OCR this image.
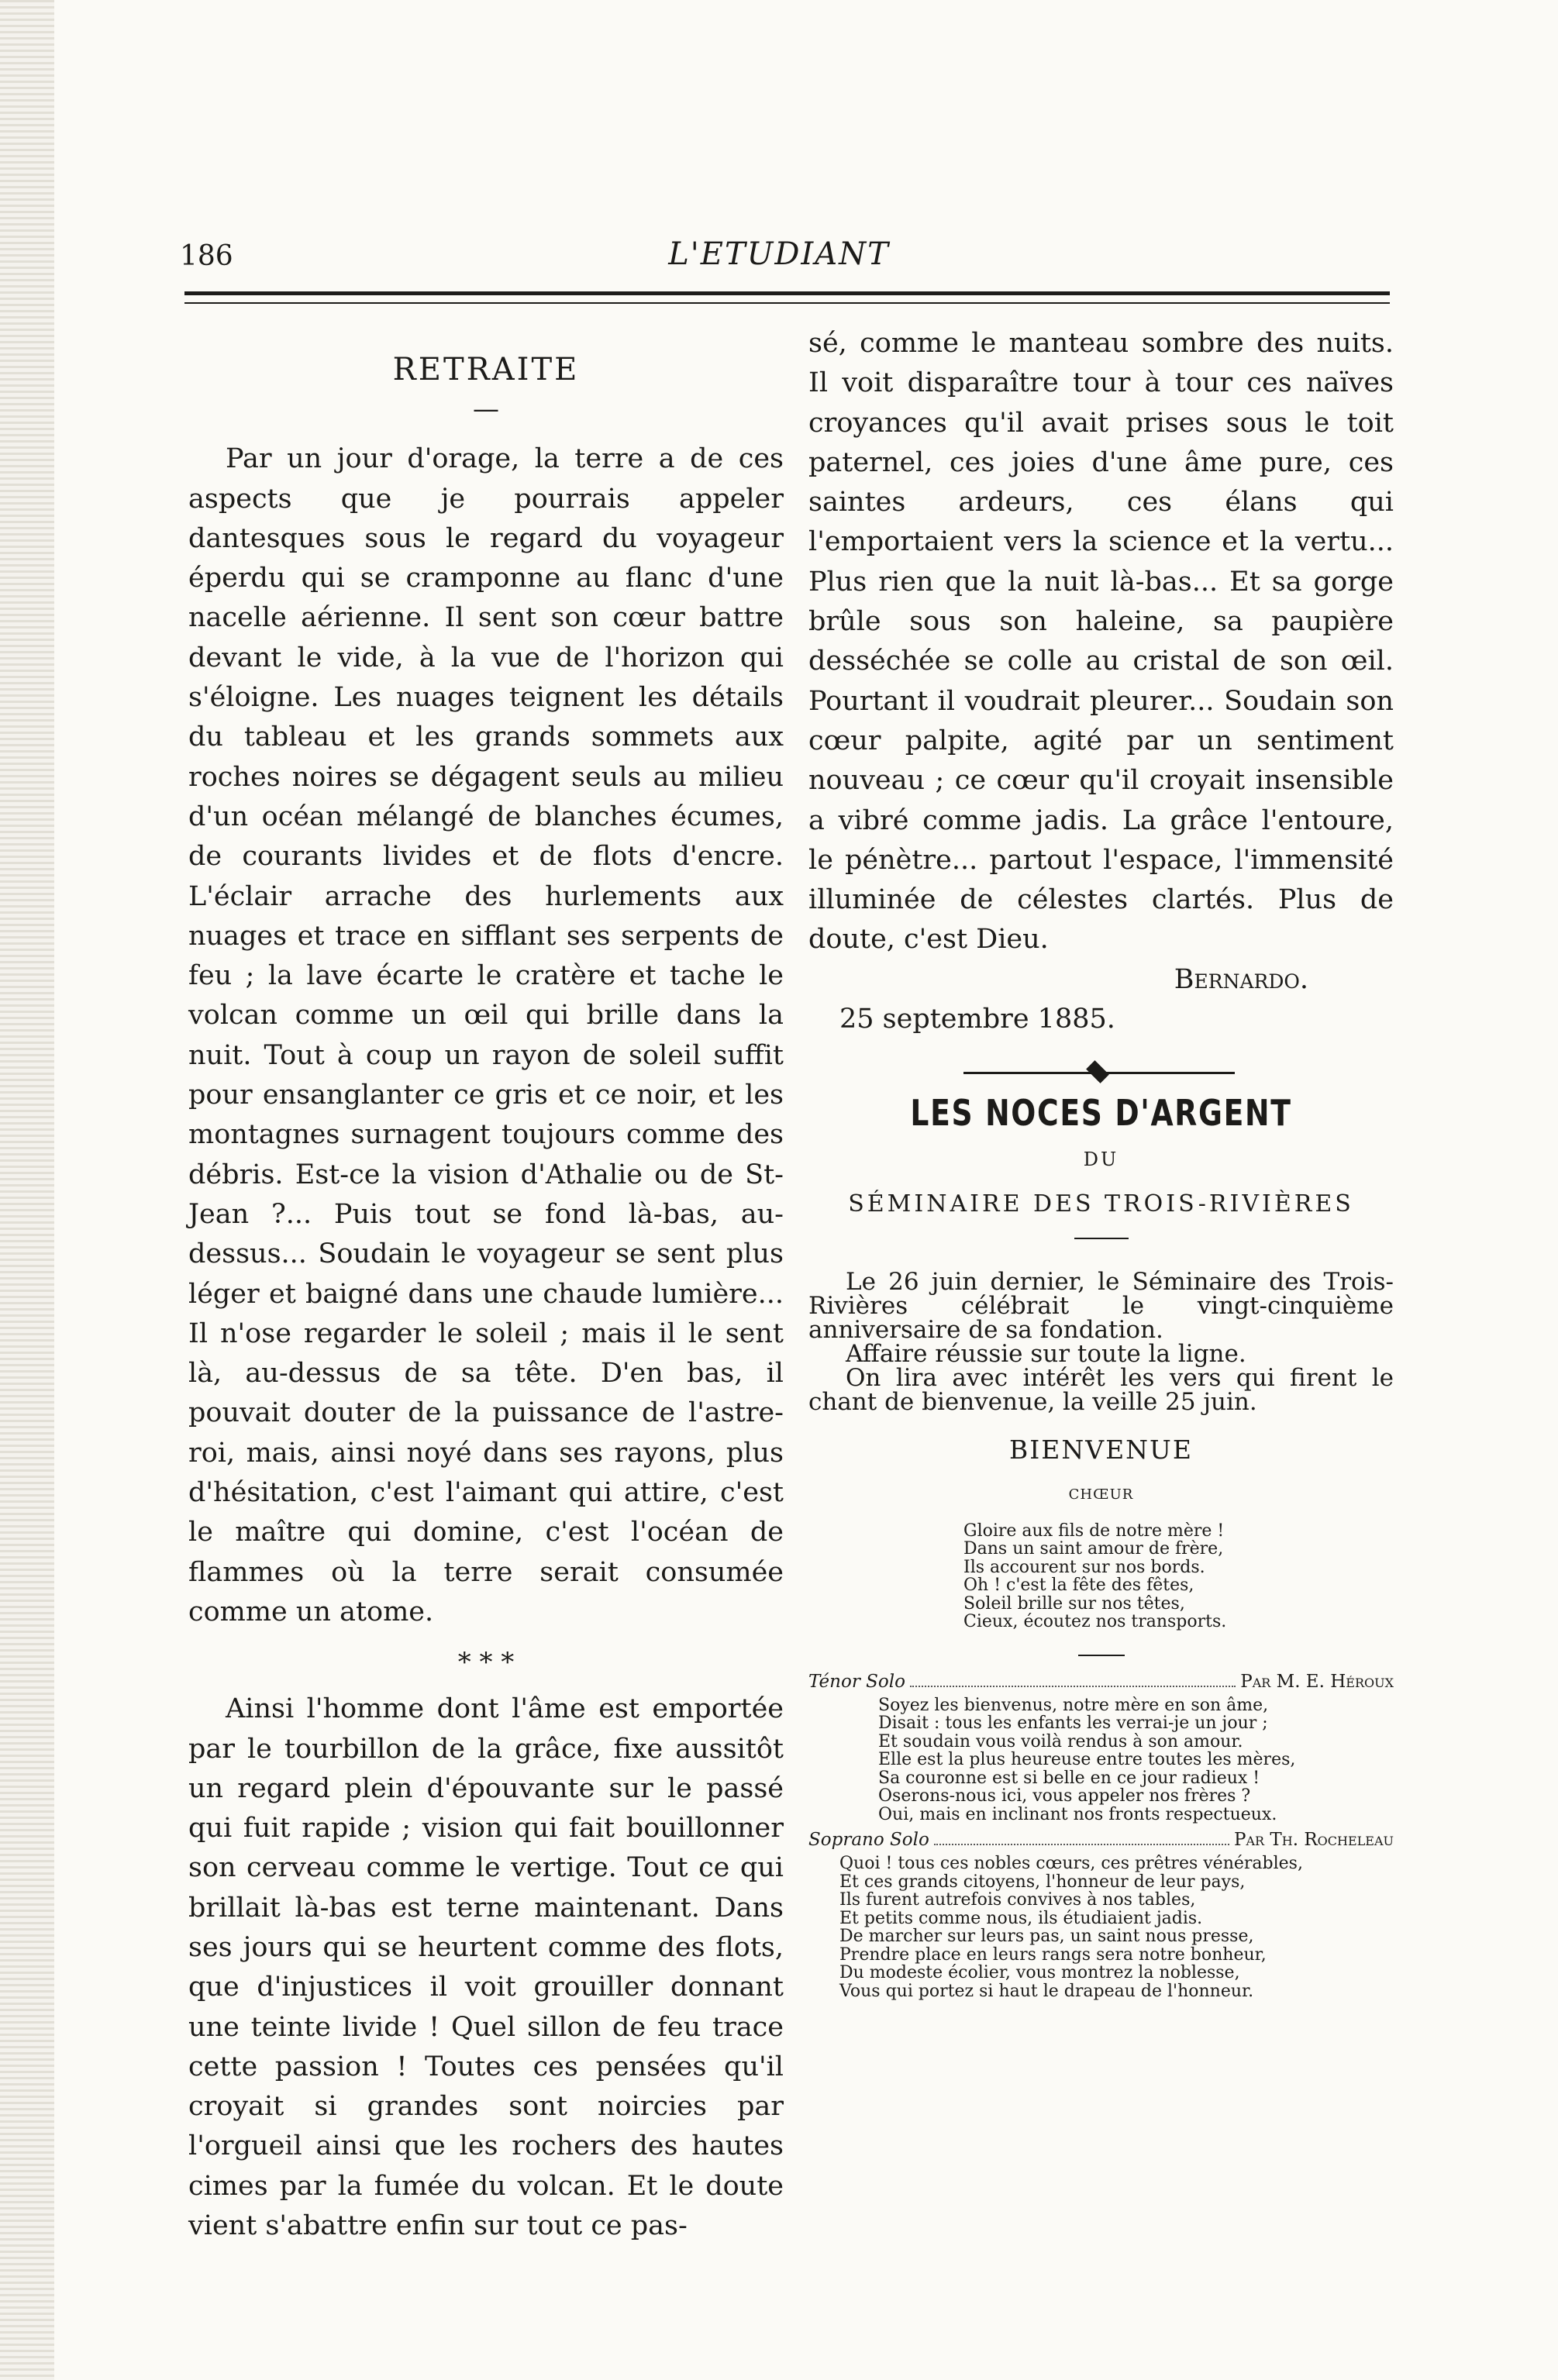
186	L'ETUDIANT
RETRAITE
—

Par un jour d'orage, la terre a de ces aspects que je pourrais appeler dantesques sous le regard du voyageur éperdu qui se cramponne au flanc d'une nacelle aérienne. Il sent son cœur battre devant le vide, à la vue de l'horizon qui s'éloigne. Les nuages teignent les détails du tableau et les grands sommets aux roches noires se dégagent seuls au milieu d'un océan mélangé de blanches écumes, de courants livides et de flots d'encre. L'éclair arrache des hurlements aux nuages et trace en sifflant ses serpents de feu ; la lave écarte le cratère et tache le volcan comme un œil qui brille dans la nuit. Tout à coup un rayon de soleil suffit pour ensanglanter ce gris et ce noir, et les montagnes surnagent toujours comme des débris. Est-ce la vision d'Athalie ou de St-Jean ?... Puis tout se fond là-bas, au-dessus... Soudain le voyageur se sent plus léger et baigné dans une chaude lumière... Il n'ose regarder le soleil ; mais il le sent là, au-dessus de sa tête. D'en bas, il pouvait douter de la puissance de l'astre-roi, mais, ainsi noyé dans ses rayons, plus d'hésitation, c'est l'aimant qui attire, c'est le maître qui domine, c'est l'océan de flammes où la terre serait consumée comme un atome.

* * *

Ainsi l'homme dont l'âme est emportée par le tourbillon de la grâce, fixe aussitôt un regard plein d'épouvante sur le passé qui fuit rapide ; vision qui fait bouillonner son cerveau comme le vertige. Tout ce qui brillait là-bas est terne maintenant. Dans ses jours qui se heurtent comme des flots, que d'injustices il voit grouiller donnant une teinte livide ! Quel sillon de feu trace cette passion ! Toutes ces pensées qu'il croyait si grandes sont noircies par l'orgueil ainsi que les rochers des hautes cimes par la fumée du volcan. Et le doute vient s'abattre enfin sur tout ce pas-

sé, comme le manteau sombre des nuits. Il voit disparaître tour à tour ces naïves croyances qu'il avait prises sous le toit paternel, ces joies d'une âme pure, ces saintes ardeurs, ces élans qui l'emportaient vers la science et la vertu... Plus rien que la nuit là-bas... Et sa gorge brûle sous son haleine, sa paupière desséchée se colle au cristal de son œil. Pourtant il voudrait pleurer... Soudain son cœur palpite, agité par un sentiment nouveau ; ce cœur qu'il croyait insensible a vibré comme jadis. La grâce l'entoure, le pénètre... partout l'espace, l'immensité illuminée de célestes clartés. Plus de doute, c'est Dieu.

Bernardo.
25 septembre 1885.
LES NOCES D'ARGENT
DU
SÉMINAIRE DES TROIS-RIVIÈRES

Le 26 juin dernier, le Séminaire des Trois-Rivières célébrait le vingt-cinquième anniversaire de sa fondation.

Affaire réussie sur toute la ligne.

On lira avec intérêt les vers qui firent le chant de bienvenue, la veille 25 juin.

BIENVENUE
CHŒUR
Gloire aux fils de notre mère !
Dans un saint amour de frère,
Ils accourent sur nos bords.
Oh ! c'est la fête des fêtes,
Soleil brille sur nos têtes,
Cieux, écoutez nos transports.
Ténor Solo	Par M. E. Héroux
Soyez les bienvenus, notre mère en son âme,
Disait : tous les enfants les verrai-je un jour ;
Et soudain vous voilà rendus à son amour.
Elle est la plus heureuse entre toutes les mères,
Sa couronne est si belle en ce jour radieux !
Oserons-nous ici, vous appeler nos frères ?
Oui, mais en inclinant nos fronts respectueux.
Soprano Solo	Par Th. Rocheleau
Quoi ! tous ces nobles cœurs, ces prêtres vénérables,
Et ces grands citoyens, l'honneur de leur pays,
Ils furent autrefois convives à nos tables,
Et petits comme nous, ils étudiaient jadis.
De marcher sur leurs pas, un saint nous presse,
Prendre place en leurs rangs sera notre bonheur,
Du modeste écolier, vous montrez la noblesse,
Vous qui portez si haut le drapeau de l'honneur.
